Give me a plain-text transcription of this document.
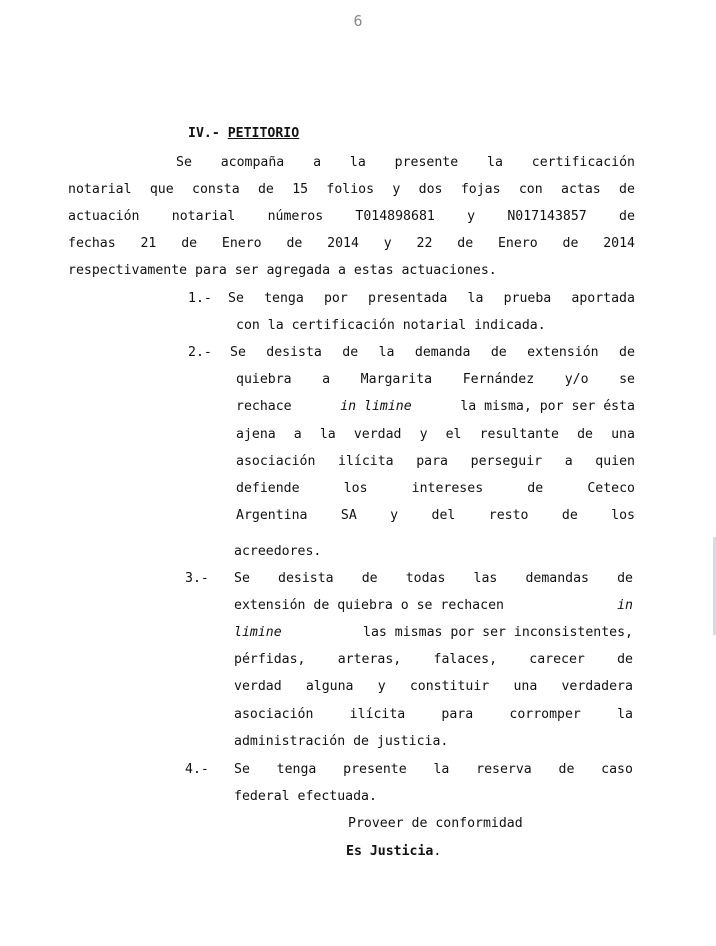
6
IV.- PETITORIO
Se acompaña a la presente la certificación
notarial que consta de 15 folios y dos fojas con actas de
actuación notarial números T014898681 y N017143857 de
fechas 21 de Enero de 2014 y 22 de Enero de 2014
respectivamente para ser agregada a estas actuaciones.
1.- Se tenga por presentada la prueba aportada
con la certificación notarial indicada.
2.- Se desista de la demanda de extensión de
quiebra a Margarita Fernández y/o se
rechace	in limine	la misma, por ser ésta
ajena a la verdad y el resultante de una
asociación ilícita para perseguir a quien
defiende	los	intereses	de	Ceteco
Argentina	SA	y	del	resto	de	los
acreedores.
3.- Se desista de todas las demandas de
extensión de quiebra o se rechacen	in
limine	las mismas por ser inconsistentes,
pérfidas, arteras, falaces, carecer de
verdad alguna y constituir una verdadera
asociación	ilícita	para	corromper	la
administración de justicia.
4.- Se tenga presente la reserva de caso
federal efectuada.
Proveer de conformidad
Es Justicia.
